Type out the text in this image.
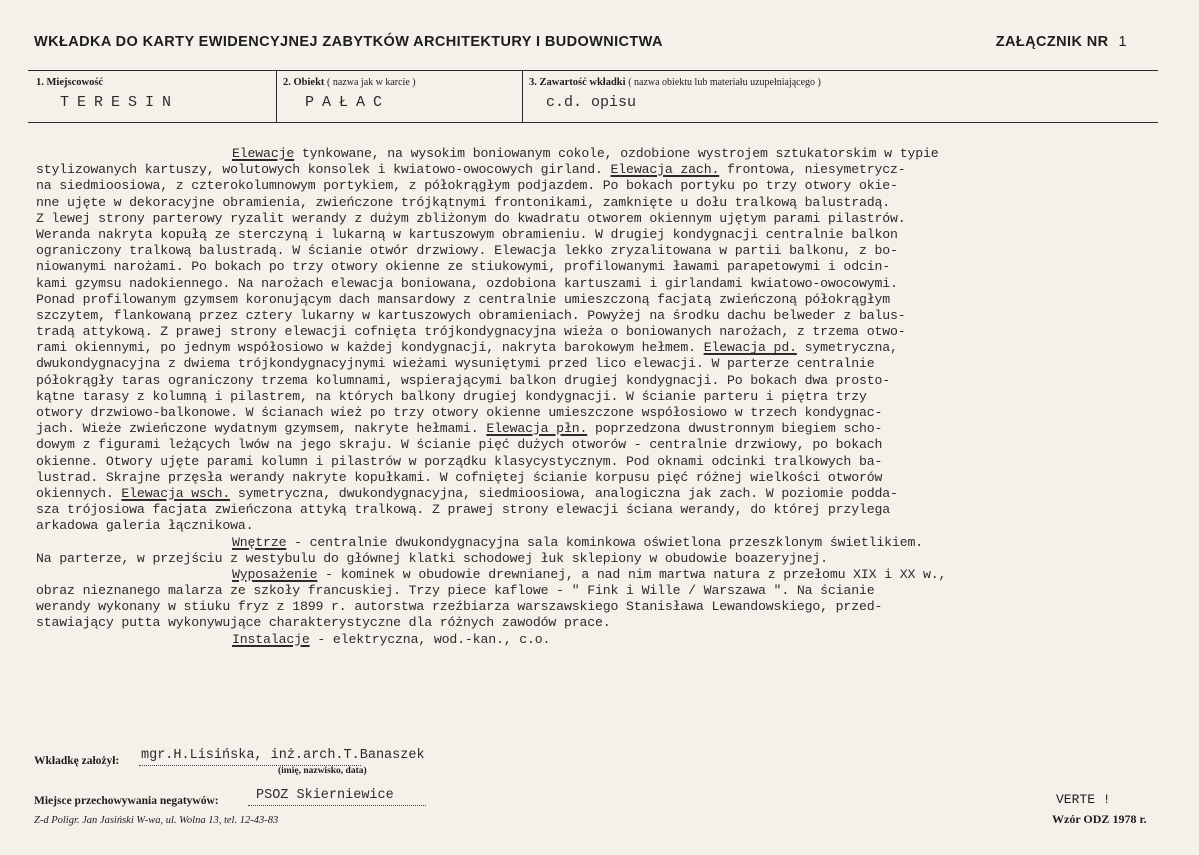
WKŁADKA DO KARTY EWIDENCYJNEJ ZABYTKÓW ARCHITEKTURY I BUDOWNICTWA	ZAŁĄCZNIK NR 1
1. Miejscowość
TERESIN
2. Obiekt ( nazwa jak w karcie )
PAŁAC
3. Zawartość wkładki ( nazwa obiektu lub materiału uzupełniającego )
c.d. opisu
Elewacje tynkowane, na wysokim boniowanym cokole, ozdobione wystrojem sztukatorskim w typie
stylizowanych kartuszy, wolutowych konsolek i kwiatowo-owocowych girland. Elewacja zach. frontowa, niesymetrycz-
na siedmioosiowa, z czterokolumnowym portykiem, z półokrągłym podjazdem. Po bokach portyku po trzy otwory okie-
nne ujęte w dekoracyjne obramienia, zwieńczone trójkątnymi frontonikami, zamknięte u dołu tralkową balustradą.
Z lewej strony parterowy ryzalit werandy z dużym zbliżonym do kwadratu otworem okiennym ujętym parami pilastrów.
Weranda nakryta kopułą ze sterczyną i lukarną w kartuszowym obramieniu. W drugiej kondygnacji centralnie balkon
ograniczony tralkową balustradą. W ścianie otwór drzwiowy. Elewacja lekko zryzalitowana w partii balkonu, z bo-
niowanymi narożami. Po bokach po trzy otwory okienne ze stiukowymi, profilowanymi ławami parapetowymi i odcin-
kami gzymsu nadokiennego. Na narożach elewacja boniowana, ozdobiona kartuszami i girlandami kwiatowo-owocowymi.
Ponad profilowanym gzymsem koronującym dach mansardowy z centralnie umieszczoną facjatą zwieńczoną półokrągłym
szczytem, flankowaną przez cztery lukarny w kartuszowych obramieniach. Powyżej na środku dachu belweder z balus-
tradą attykową. Z prawej strony elewacji cofnięta trójkondygnacyjna wieża o boniowanych narożach, z trzema otwo-
rami okiennymi, po jednym współosiowo w każdej kondygnacji, nakryta barokowym hełmem. Elewacja pd. symetryczna,
dwukondygnacyjna z dwiema trójkondygnacyjnymi wieżami wysuniętymi przed lico elewacji. W parterze centralnie
półokrągły taras ograniczony trzema kolumnami, wspierającymi balkon drugiej kondygnacji. Po bokach dwa prosto-
kątne tarasy z kolumną i pilastrem, na których balkony drugiej kondygnacji. W ścianie parteru i piętra trzy
otwory drzwiowo-balkonowe. W ścianach wież po trzy otwory okienne umieszczone współosiowo w trzech kondygnac-
jach. Wieże zwieńczone wydatnym gzymsem, nakryte hełmami. Elewacja płn. poprzedzona dwustronnym biegiem scho-
dowym z figurami leżących lwów na jego skraju. W ścianie pięć dużych otworów - centralnie drzwiowy, po bokach
okienne. Otwory ujęte parami kolumn i pilastrów w porządku klasycystycznym. Pod oknami odcinki tralkowych ba-
lustrad. Skrajne przęsła werandy nakryte kopułkami. W cofniętej ścianie korpusu pięć różnej wielkości otworów
okiennych. Elewacja wsch. symetryczna, dwukondygnacyjna, siedmioosiowa, analogiczna jak zach. W poziomie podda-
sza trójosiowa facjata zwieńczona attyką tralkową. Z prawej strony elewacji ściana werandy, do której przylega
arkadowa galeria łącznikowa.
Wnętrze - centralnie dwukondygnacyjna sala kominkowa oświetlona przeszklonym świetlikiem.
Na parterze, w przejściu z westybulu do głównej klatki schodowej łuk sklepiony w obudowie boazeryjnej.
Wyposażenie - kominek w obudowie drewnianej, a nad nim martwa natura z przełomu XIX i XX w.,
obraz nieznanego malarza ze szkoły francuskiej. Trzy piece kaflowe - " Fink i Wille / Warszawa ". Na ścianie
werandy wykonany w stiuku fryz z 1899 r. autorstwa rzeźbiarza warszawskiego Stanisława Lewandowskiego, przed-
stawiający putta wykonywujące charakterystyczne dla różnych zawodów prace.
Instalacje - elektryczna, wod.-kan., c.o.
Wkładkę założył: mgr.H.Lisińska, inż.arch.T.Banaszek
(imię, nazwisko, data)
Miejsce przechowywania negatywów:	PSOZ Skierniewice	VERTE !
Wzór ODZ 1978 r.
Z-d Poligr. Jan Jasiński W-wa, ul. Wolna 13, tel. 12-43-83
